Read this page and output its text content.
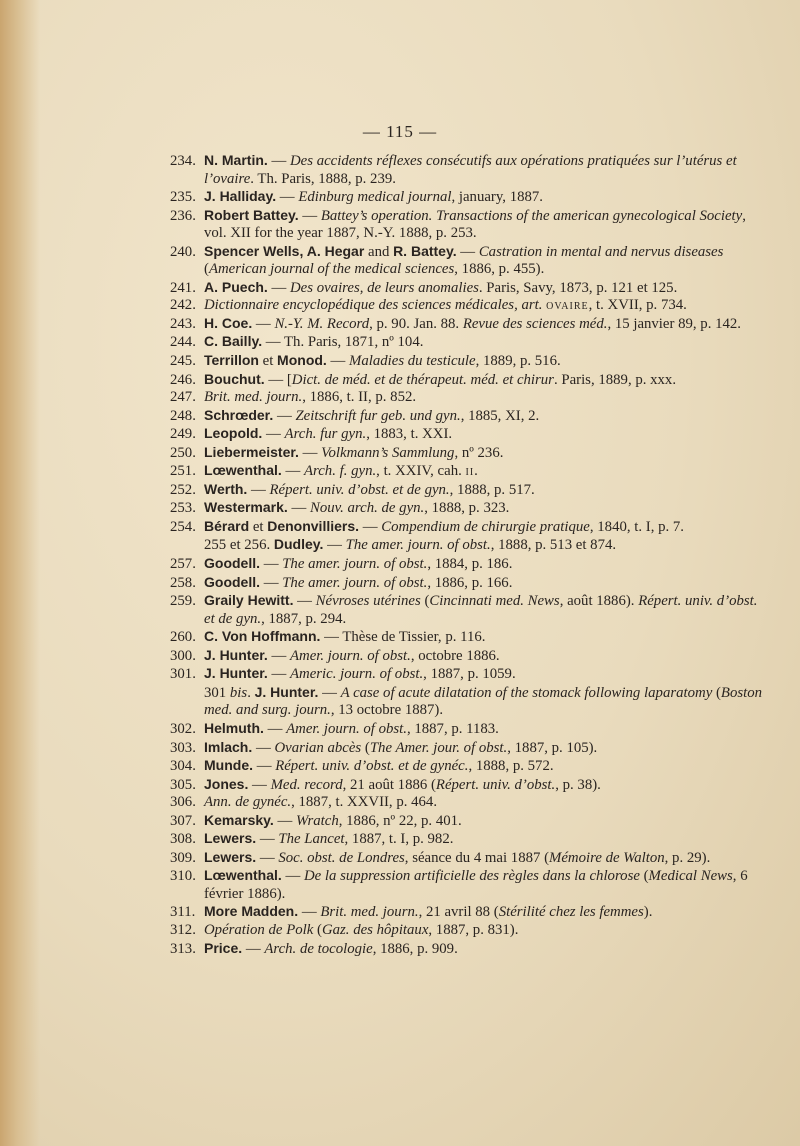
— 115 —
234. N. Martin. — Des accidents réflexes consécutifs aux opérations pratiquées sur l’utérus et l’ovaire. Th. Paris, 1888, p. 239.
235. J. Halliday. — Edinburg medical journal, january, 1887.
236. Robert Battey. — Battey’s operation. Transactions of the american gynecological Society, vol. XII for the year 1887, N.-Y. 1888, p. 253.
240. Spencer Wells, A. Hegar and R. Battey. — Castration in mental and nervus diseases (American journal of the medical sciences, 1886, p. 455).
241. A. Puech. — Des ovaires, de leurs anomalies. Paris, Savy, 1873, p. 121 et 125.
242. Dictionnaire encyclopédique des sciences médicales, art. ovaire, t. XVII, p. 734.
243. H. Coe. — N.-Y. M. Record, p. 90. Jan. 88. Revue des sciences méd., 15 janvier 89, p. 142.
244. C. Bailly. — Th. Paris, 1871, nº 104.
245. Terrillon et Monod. — Maladies du testicule, 1889, p. 516.
246. Bouchut. — [Dict. de méd. et de thérapeut. méd. et chirur. Paris, 1889, p. xxx.
247. Brit. med. journ., 1886, t. II, p. 852.
248. Schrœder. — Zeitschrift fur geb. und gyn., 1885, XI, 2.
249. Leopold. — Arch. fur gyn., 1883, t. XXI.
250. Liebermeister. — Volkmann’s Sammlung, nº 236.
251. Lœwenthal. — Arch. f. gyn., t. XXIV, cah. ii.
252. Werth. — Répert. univ. d’obst. et de gyn., 1888, p. 517.
253. Westermark. — Nouv. arch. de gyn., 1888, p. 323.
254. Bérard et Denonvilliers. — Compendium de chirurgie pratique, 1840, t. I, p. 7.
255 et 256. Dudley. — The amer. journ. of obst., 1888, p. 513 et 874.
257. Goodell. — The amer. journ. of obst., 1884, p. 186.
258. Goodell. — The amer. journ. of obst., 1886, p. 166.
259. Graily Hewitt. — Névroses utérines (Cincinnati med. News, août 1886). Répert. univ. d’obst. et de gyn., 1887, p. 294.
260. C. Von Hoffmann. — Thèse de Tissier, p. 116.
300. J. Hunter. — Amer. journ. of obst., octobre 1886.
301. J. Hunter. — Americ. journ. of obst., 1887, p. 1059.
301 bis. J. Hunter. — A case of acute dilatation of the stomack following laparatomy (Boston med. and surg. journ., 13 octobre 1887).
302. Helmuth. — Amer. journ. of obst., 1887, p. 1183.
303. Imlach. — Ovarian abcès (The Amer. jour. of obst., 1887, p. 105).
304. Munde. — Répert. univ. d’obst. et de gynéc., 1888, p. 572.
305. Jones. — Med. record, 21 août 1886 (Répert. univ. d’obst., p. 38).
306. Ann. de gynéc., 1887, t. XXVII, p. 464.
307. Kemarsky. — Wratch, 1886, nº 22, p. 401.
308. Lewers. — The Lancet, 1887, t. I, p. 982.
309. Lewers. — Soc. obst. de Londres, séance du 4 mai 1887 (Mémoire de Walton, p. 29).
310. Lœwenthal. — De la suppression artificielle des règles dans la chlorose (Medical News, 6 février 1886).
311. More Madden. — Brit. med. journ., 21 avril 88 (Stérilité chez les femmes).
312. Opération de Polk (Gaz. des hôpitaux, 1887, p. 831).
313. Price. — Arch. de tocologie, 1886, p. 909.
